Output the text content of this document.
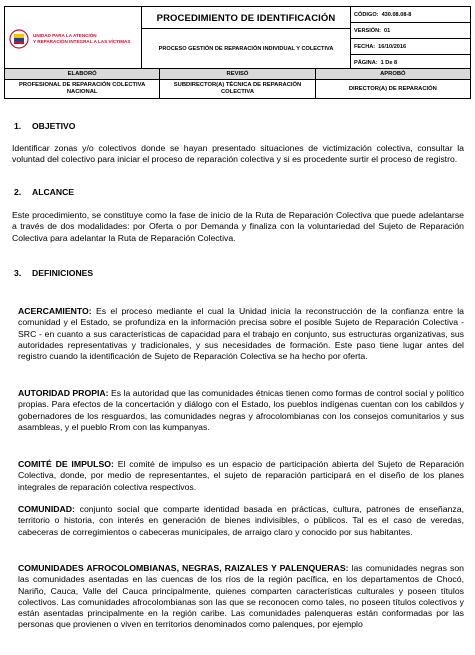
UNIDAD PARA LA ATENCIÓN
Y REPARACIÓN INTEGRAL A LAS VÍCTIMAS

PROCEDIMIENTO DE IDENTIFICACIÓN
PROCESO GESTIÓN DE REPARACIÓN INDIVIDUAL Y COLECTIVA

CÓDIGO: 430.08.08-8
VERSIÓN: 01
FECHA: 16/10/2016
PÁGINA: 1 De 8
ELABORÓ	REVISÓ	APROBÓ
PROFESIONAL DE REPARACIÓN COLECTIVA NACIONAL	SUBDIRECTOR(A) TÉCNICA DE REPARACIÓN COLECTIVA	DIRECTOR(A) DE REPARACIÓN
1. OBJETIVO
Identificar zonas y/o colectivos donde se hayan presentado situaciones de victimización colectiva, consultar la voluntad del colectivo para iniciar el proceso de reparación colectiva y si es procedente surtir el proceso de registro.
2. ALCANCE
Este procedimiento, se constituye como la fase de inicio de la Ruta de Reparación Colectiva que puede adelantarse a través de dos modalidades: por Oferta o por Demanda y finaliza con la voluntariedad del Sujeto de Reparación Colectiva para adelantar la Ruta de Reparación Colectiva.
3. DEFINICIONES
ACERCAMIENTO: Es el proceso mediante el cual la Unidad inicia la reconstrucción de la confianza entre la comunidad y el Estado, se profundiza en la información precisa sobre el posible Sujeto de Reparación Colectiva - SRC - en cuanto a sus características de capacidad para el trabajo en conjunto, sus estructuras organizativas, sus autoridades representativas y tradicionales, y sus necesidades de formación. Este paso tiene lugar antes del registro cuando la identificación de Sujeto de Reparación Colectiva se ha hecho por oferta.
AUTORIDAD PROPIA: Es la autoridad que las comunidades étnicas tienen como formas de control social y político propias. Para efectos de la concertación y diálogo con el Estado, los pueblos indígenas cuentan con los cabildos y gobernadores de los resguardos, las comunidades negras y afrocolombianas con los consejos comunitarios y sus asambleas, y el pueblo Rrom con las kumpanyas.
COMITÉ DE IMPULSO: El comité de impulso es un espacio de participación abierta del Sujeto de Reparación Colectiva, donde, por medio de representantes, el sujeto de reparación participará en el diseño de los planes integrales de reparación colectiva respectivos.
COMUNIDAD: conjunto social que comparte identidad basada en prácticas, cultura, patrones de enseñanza, territorio o historia, con interés en generación de bienes indivisibles, o públicos. Tal es el caso de veredas, cabeceras de corregimientos o cabeceras municipales, de arraigo claro y conocido por sus habitantes.
COMUNIDADES AFROCOLOMBIANAS, NEGRAS, RAIZALES Y PALENQUERAS: las comunidades negras son las comunidades asentadas en las cuencas de los ríos de la región pacífica, en los departamentos de Chocó, Nariño, Cauca, Valle del Cauca principalmente, quienes comparten características culturales y poseen títulos colectivos. Las comunidades afrocolombianas son las que se reconocen como tales, no poseen títulos colectivos y están asentadas principalmente en la región caribe. Las comunidades palenqueras están conformadas por las personas que provienen o viven en territorios denominados como palenques, por ejemplo
